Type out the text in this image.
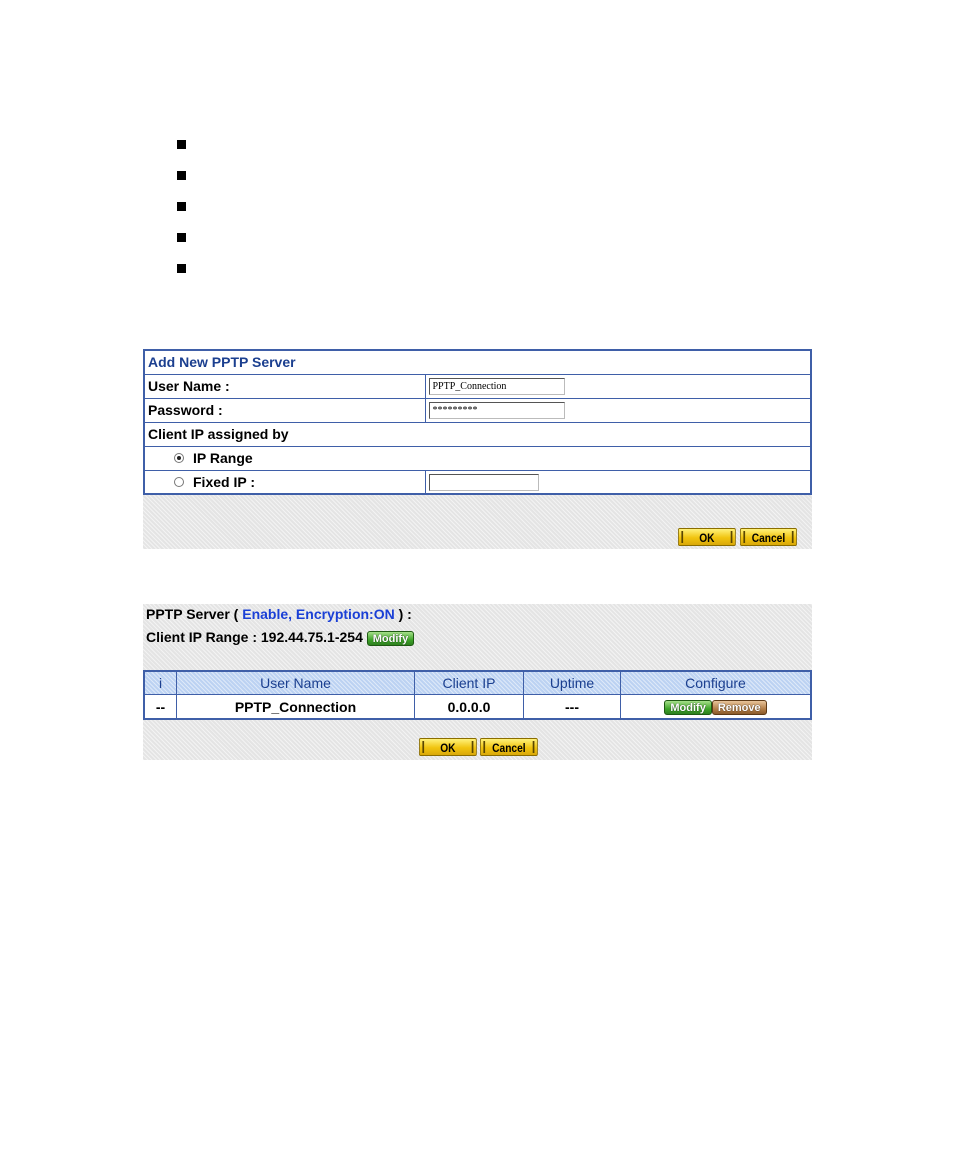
Add New PPTP Server	
User Name :	PPTP_Connection
Password :	*********
Client IP assigned by	
IP Range	
Fixed IP :	
OK	Cancel
PPTP Server ( Enable, Encryption:ON ) :
Client IP Range : 192.44.75.1-254 Modify
i	User Name	Client IP	Uptime	Configure
--	PPTP_Connection	0.0.0.0	---	Modify Remove
OK	Cancel
